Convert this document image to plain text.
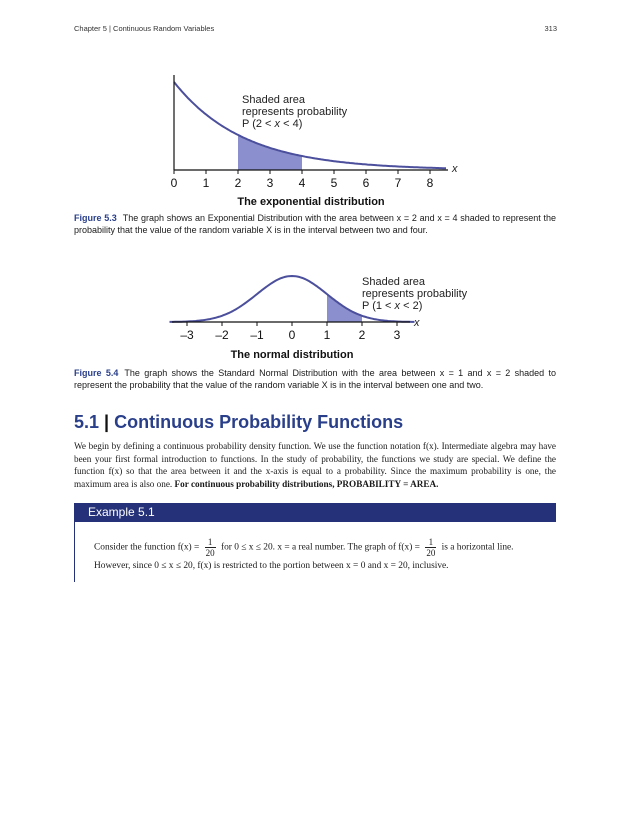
Chapter 5 | Continuous Random Variables	313
0 1 2 3 4 5 6 7 8
Shaded area
represents probability
P (2 < x < 4)
x
The exponential distribution
Figure 5.3 The graph shows an Exponential Distribution with the area between x = 2 and x = 4 shaded to represent the probability that the value of the random variable X is in the interval between two and four.
–3 –2 –1 0 1 2 3
Shaded area
represents probability
P (1 < x < 2)
x
The normal distribution
Figure 5.4 The graph shows the Standard Normal Distribution with the area between x = 1 and x = 2 shaded to represent the probability that the value of the random variable X is in the interval between one and two.
5.1 | Continuous Probability Functions
We begin by defining a continuous probability density function. We use the function notation f(x). Intermediate algebra may have been your first formal introduction to functions. In the study of probability, the functions we study are special. We define the function f(x) so that the area between it and the x-axis is equal to a probability. Since the maximum probability is one, the maximum area is also one. For continuous probability distributions, PROBABILITY = AREA.
Example 5.1
Consider the function $f(x) = \frac{1}{20}$ for 0 ≤ x ≤ 20. x = a real number. The graph of $f(x) = \frac{1}{20}$ is a horizontal line.
However, since 0 ≤ x ≤ 20, f(x) is restricted to the portion between x = 0 and x = 20, inclusive.
